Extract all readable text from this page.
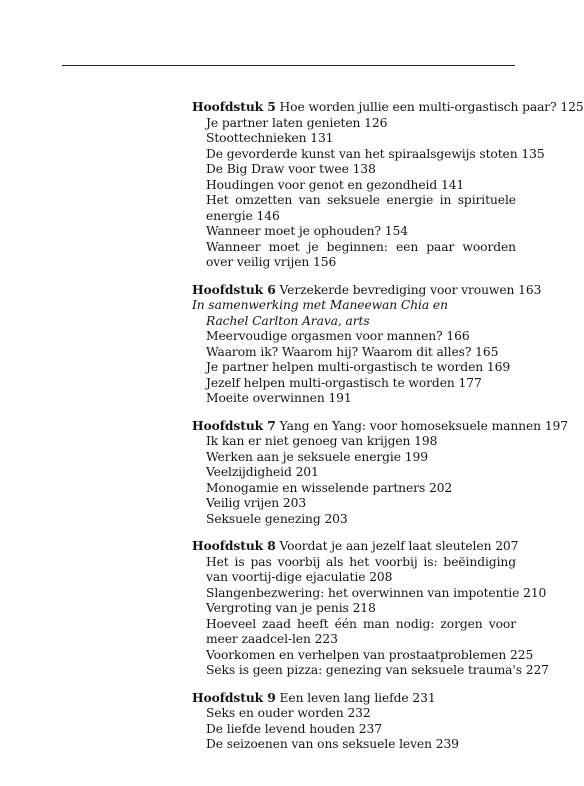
Hoofdstuk 5 Hoe worden jullie een multi-orgastisch paar? 125
Je partner laten genieten 126
Stoottechnieken 131
De gevorderde kunst van het spiraalsgewijs stoten 135
De Big Draw voor twee 138
Houdingen voor genot en gezondheid 141
Het omzetten van seksuele energie in spirituele energie 146
Wanneer moet je ophouden? 154
Wanneer moet je beginnen: een paar woorden over veilig vrijen 156
Hoofdstuk 6 Verzekerde bevrediging voor vrouwen 163
In samenwerking met Maneewan Chia en
Rachel Carlton Arava, arts
Meervoudige orgasmen voor mannen? 166
Waarom ik? Waarom hij? Waarom dit alles? 165
Je partner helpen multi-orgastisch te worden 169
Jezelf helpen multi-orgastisch te worden 177
Moeite overwinnen 191
Hoofdstuk 7 Yang en Yang: voor homoseksuele mannen 197
Ik kan er niet genoeg van krijgen 198
Werken aan je seksuele energie 199
Veelzijdigheid 201
Monogamie en wisselende partners 202
Veilig vrijen 203
Seksuele genezing 203
Hoofdstuk 8 Voordat je aan jezelf laat sleutelen 207
Het is pas voorbij als het voorbij is: beëindiging van voortij-dige ejaculatie 208
Slangenbezwering: het overwinnen van impotentie 210
Vergroting van je penis 218
Hoeveel zaad heeft één man nodig: zorgen voor meer zaadcel-len 223
Voorkomen en verhelpen van prostaatproblemen 225
Seks is geen pizza: genezing van seksuele trauma's 227
Hoofdstuk 9 Een leven lang liefde 231
Seks en ouder worden 232
De liefde levend houden 237
De seizoenen van ons seksuele leven 239
